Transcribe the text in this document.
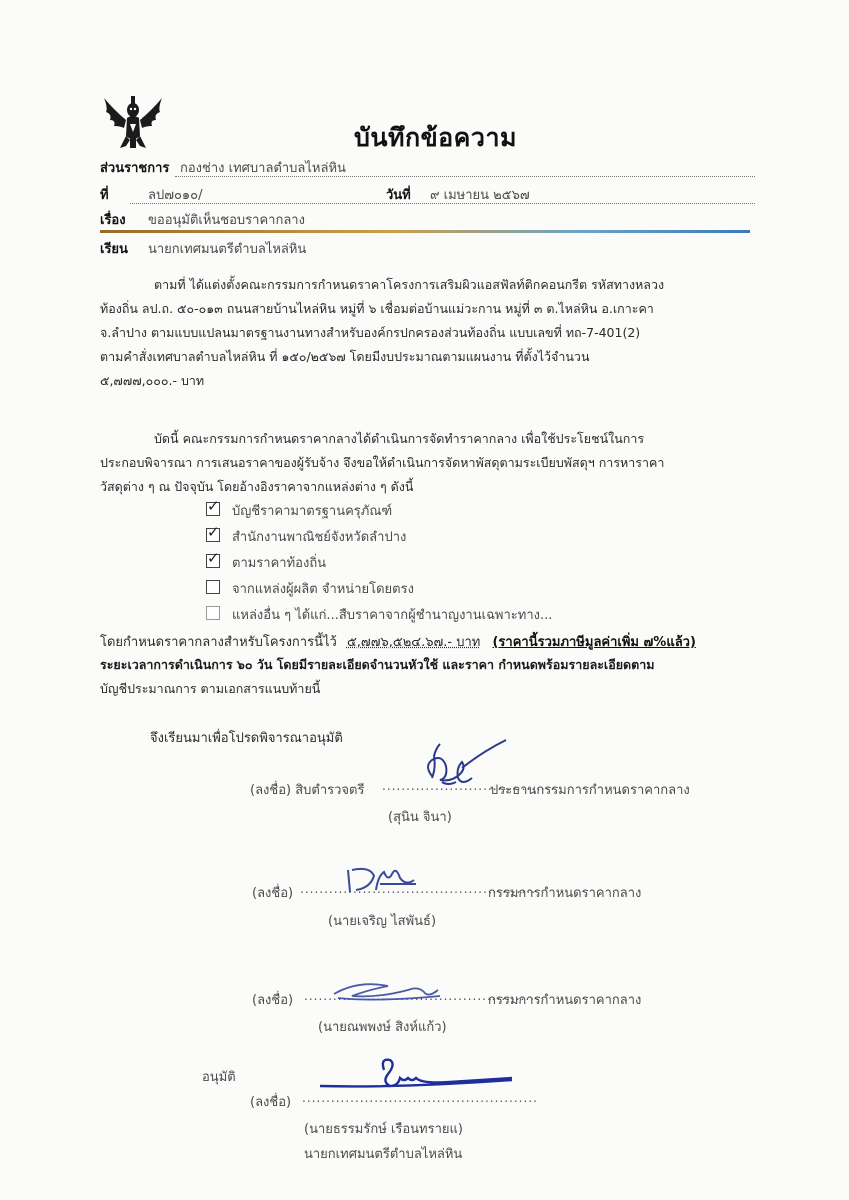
บันทึกข้อความ
ส่วนราชการ กองช่าง เทศบาลตำบลไหล่หิน
ที่	ลป๗๐๑๐/	วันที่ ๙ เมษายน ๒๕๖๗
เรื่อง ขออนุมัติเห็นชอบราคากลาง
เรียน นายกเทศมนตรีตำบลไหล่หิน
ตามที่ ได้แต่งตั้งคณะกรรมการกำหนดราคาโครงการเสริมผิวแอสฟัลท์ติกคอนกรีต รหัสทางหลวง
ท้องถิ่น ลป.ถ. ๕๐-๐๑๓ ถนนสายบ้านไหล่หิน หมู่ที่ ๖ เชื่อมต่อบ้านแม่วะกาน หมู่ที่ ๓ ต.ไหล่หิน อ.เกาะคา
จ.ลำปาง ตามแบบแปลนมาตรฐานงานทางสำหรับองค์กรปกครองส่วนท้องถิ่น แบบเลขที่ ทถ-7-401(2)
ตามคำสั่งเทศบาลตำบลไหล่หิน ที่ ๑๕๐/๒๕๖๗ โดยมีงบประมาณตามแผนงาน ที่ตั้งไว้จำนวน
๕,๗๗๗,๐๐๐.- บาท
บัดนี้ คณะกรรมการกำหนดราคากลางได้ดำเนินการจัดทำราคากลาง เพื่อใช้ประโยชน์ในการ
ประกอบพิจารณา การเสนอราคาของผู้รับจ้าง จึงขอให้ดำเนินการจัดหาพัสดุตามระเบียบพัสดุฯ การหาราคา
วัสดุต่าง ๆ ณ ปัจจุบัน โดยอ้างอิงราคาจากแหล่งต่าง ๆ ดังนี้
✓
บัญชีราคามาตรฐานครุภัณฑ์
✓
สำนักงานพาณิชย์จังหวัดลำปาง
✓
ตามราคาท้องถิ่น
จากแหล่งผู้ผลิต จำหน่ายโดยตรง
แหล่งอื่น ๆ ได้แก่...สืบราคาจากผู้ชำนาญงานเฉพาะทาง...
โดยกำหนดราคากลางสำหรับโครงการนี้ไว้ ๕,๗๗๖,๕๒๔.๖๗.- บาท (ราคานี้รวมภาษีมูลค่าเพิ่ม ๗%แล้ว)
ระยะเวลาการดำเนินการ ๖๐ วัน โดยมีรายละเอียดจำนวนหัวใช้ และราคา กำหนดพร้อมรายละเอียดตาม
บัญชีประมาณการ ตามเอกสารแนบท้ายนี้
จึงเรียนมาเพื่อโปรดพิจารณาอนุมัติ
(ลงชื่อ) สิบตำรวจตรี ....................................
ประธานกรรมการกำหนดราคากลาง
(สุนิน จินา)
(ลงชื่อ) .................................................
กรรมการกำหนดราคากลาง
(นายเจริญ ไสพันธ์)
(ลงชื่อ) .................................................
กรรมการกำหนดราคากลาง
(นายณพพงษ์ สิงห์แก้ว)
อนุมัติ
(ลงชื่อ) .................................................
(นายธรรมรักษ์ เรือนทรายแ)
นายกเทศมนตรีตำบลไหล่หิน
